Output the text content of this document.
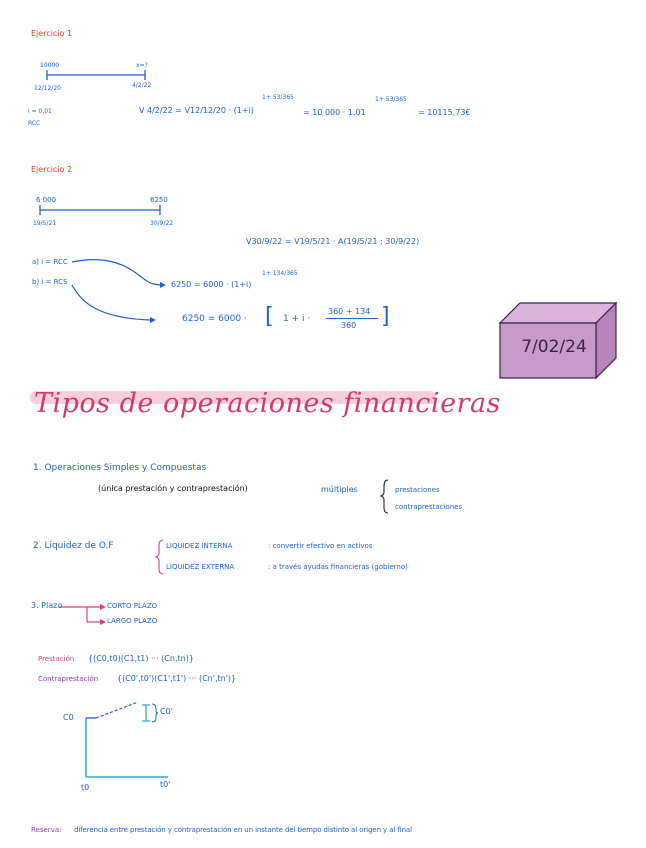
Ejercicio 1
10000	x=?
12/12/20	4/2/22
i = 0,01
RCC
V 4/2/22 = V12/12/20 · (1+i)
1+ 53/365
= 10 000 · 1,01
1+ 53/365
= 10115,73€
Ejercicio 2
6 000	6250
19/5/21	30/9/22
V30/9/22 = V19/5/21 · A(19/5/21 ; 30/9/22)
a) i = RCC
b) i = RCS	6250 = 6000 · (1+i)
1+ 134/365
6250 = 6000 · [ 1 + i ·
360 + 134
360 ]
7/02/24
Tipos de operaciones financieras
1. Operaciones Simples y Compuestas
(única prestación y contraprestación)	múltiples	prestaciones
contraprestaciones
2. Liquidez de O.F	LIQUIDEZ INTERNA	: convertir efectivo en activos
LIQUIDEZ EXTERNA	: a través ayudas financieras (gobierno)
3. Plazo	CORTO PLAZO
LARGO PLAZO
Prestación {(C0,t0)(C1,t1) ··· (Cn,tn)}
Contraprestación {(C0',t0')(C1',t1') ··· (Cn',tn')}
C0
C0'
t0	t0'
Reserva: diferencia entre prestación y contraprestación en un instante del tiempo distinto al origen y al final
